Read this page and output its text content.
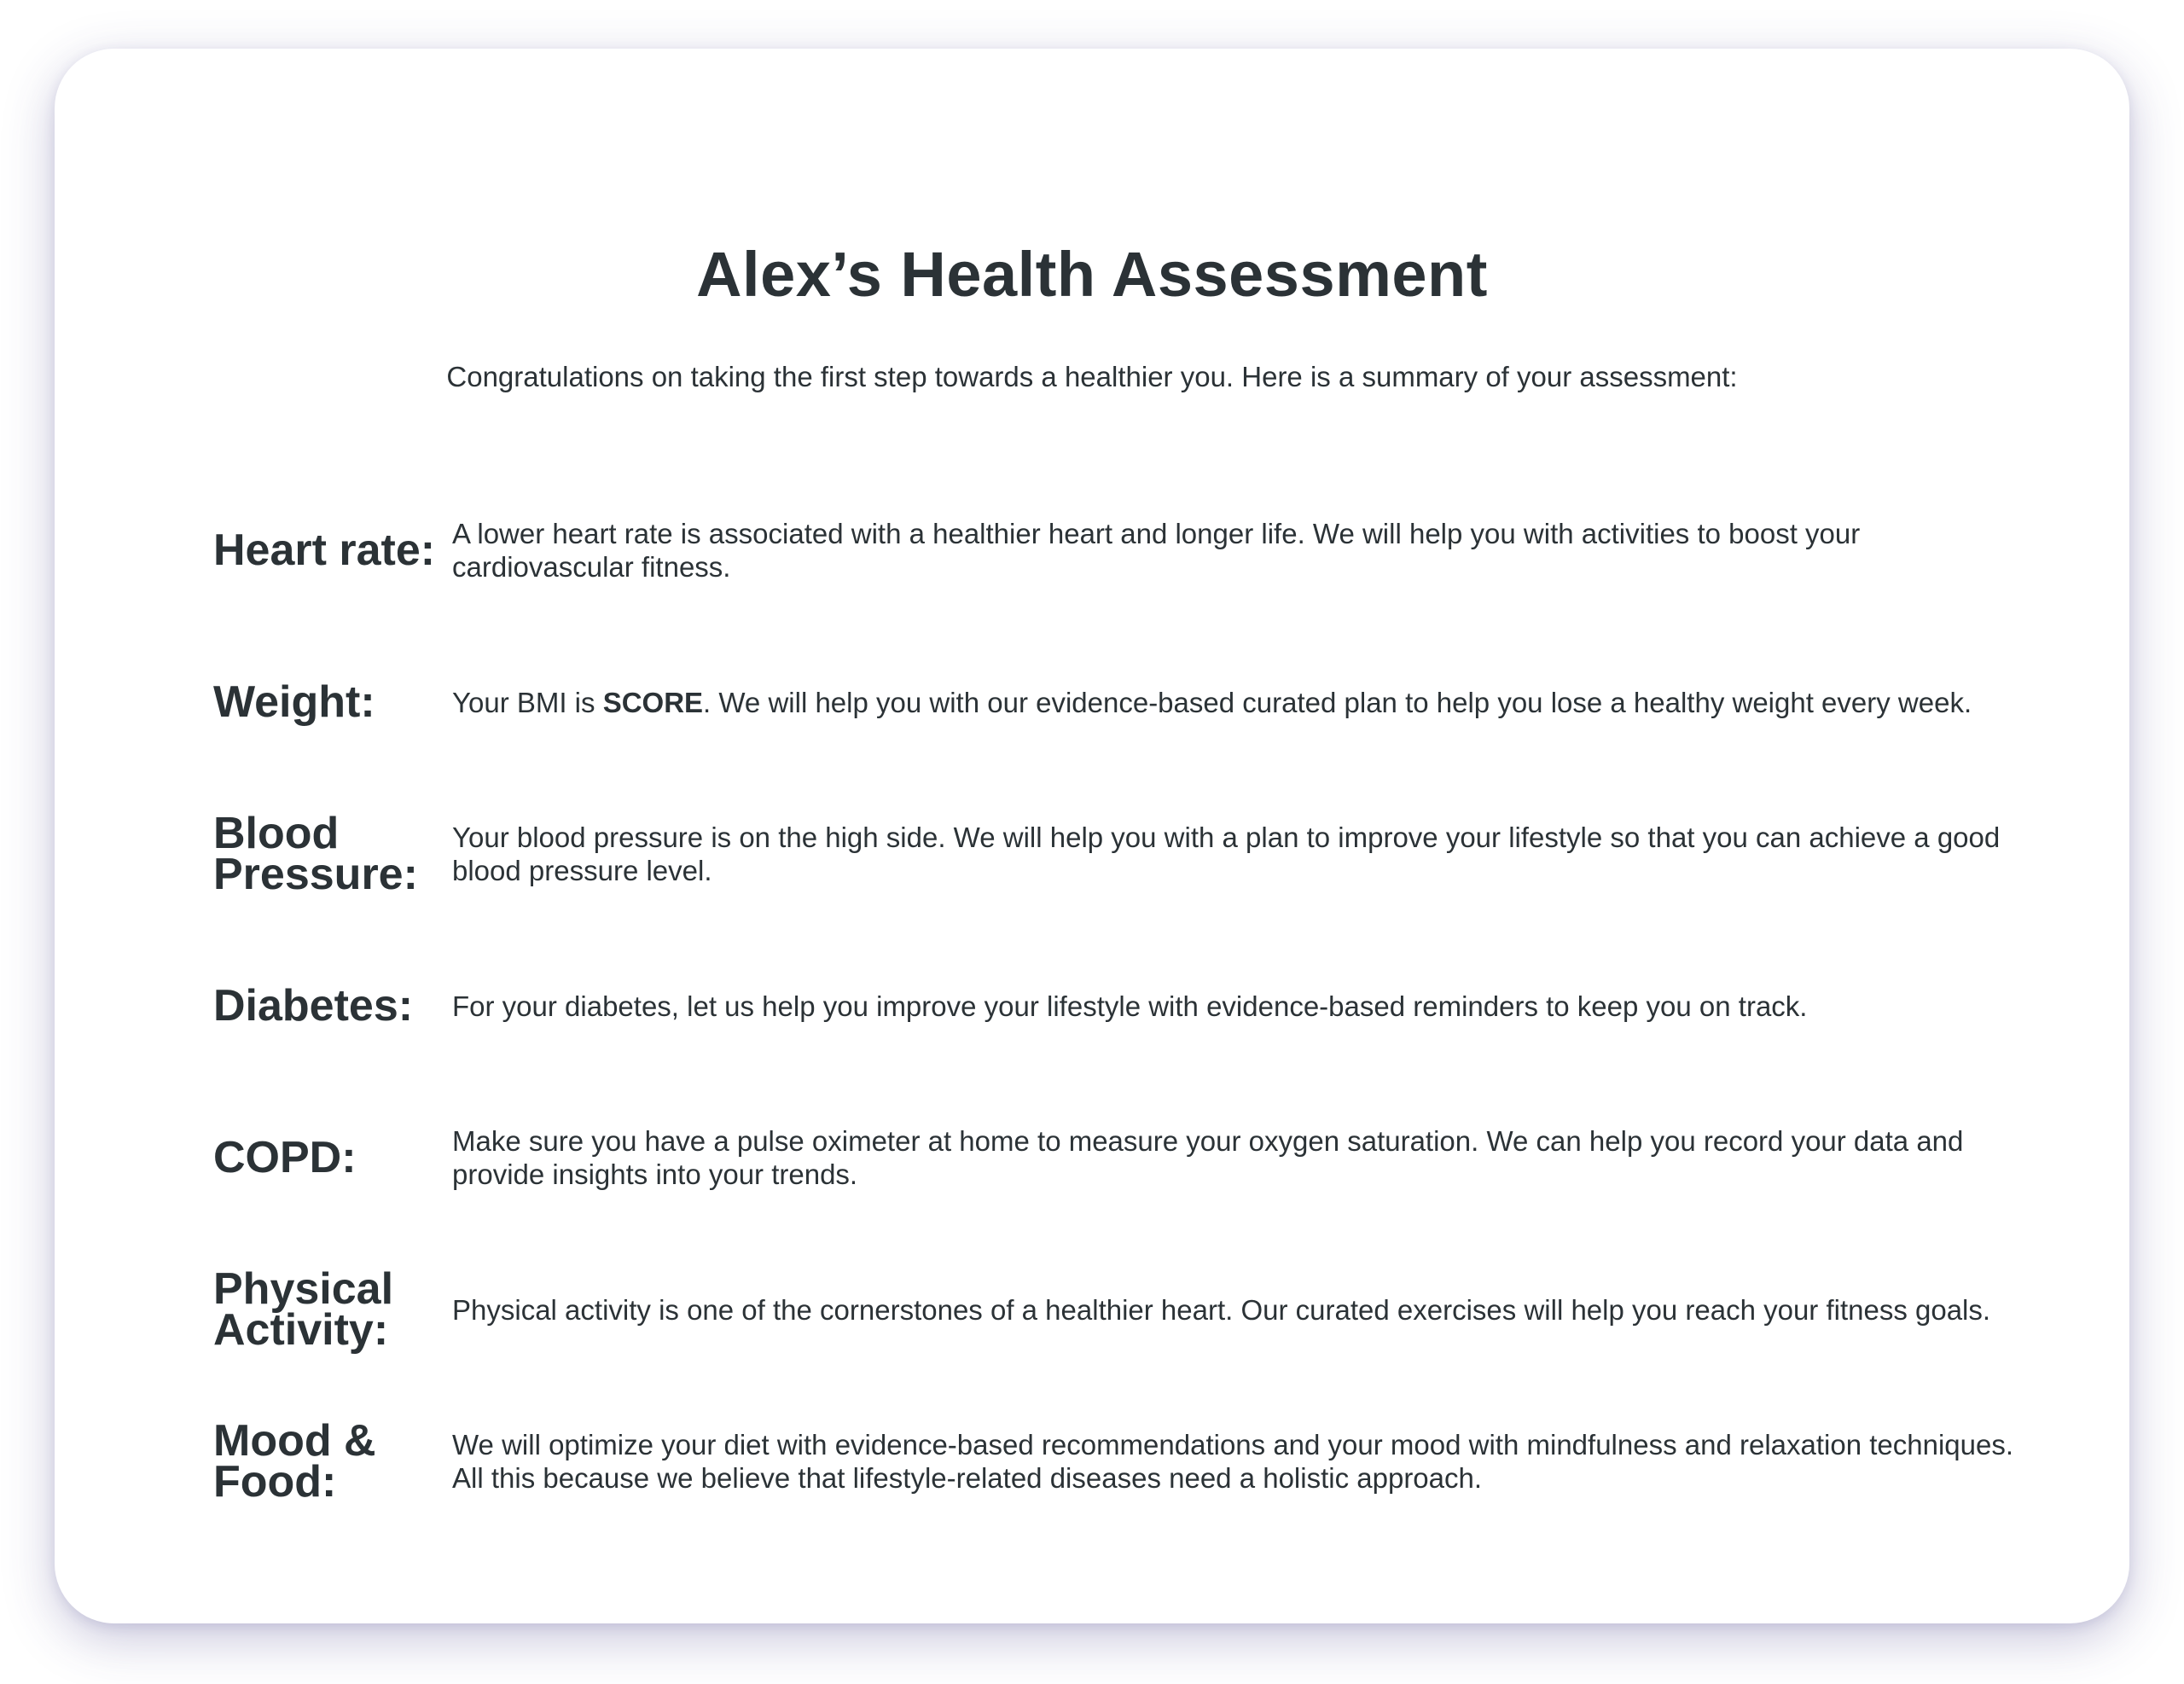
Alex’s Health Assessment

Congratulations on taking the first step towards a healthier you. Here is a summary of your assessment:

Heart rate: A lower heart rate is associated with a healthier heart and longer life. We will help you with activities to boost your cardiovascular fitness.
Weight:	Your BMI is SCORE. We will help you with our evidence-based curated plan to help you lose a healthy weight every week.
Blood Pressure:
Your blood pressure is on the high side. We will help you with a plan to improve your lifestyle so that you can achieve a good blood pressure level.
Diabetes:	For your diabetes, let us help you improve your lifestyle with evidence-based reminders to keep you on track.
COPD:	Make sure you have a pulse oximeter at home to measure your oxygen saturation. We can help you record your data and provide insights into your trends.
Physical Activity:	Physical activity is one of the cornerstones of a healthier heart. Our curated exercises will help you reach your fitness goals.
Mood & Food:
We will optimize your diet with evidence-based recommendations and your mood with mindfulness and relaxation techniques. All this because we believe that lifestyle-related diseases need a holistic approach.
